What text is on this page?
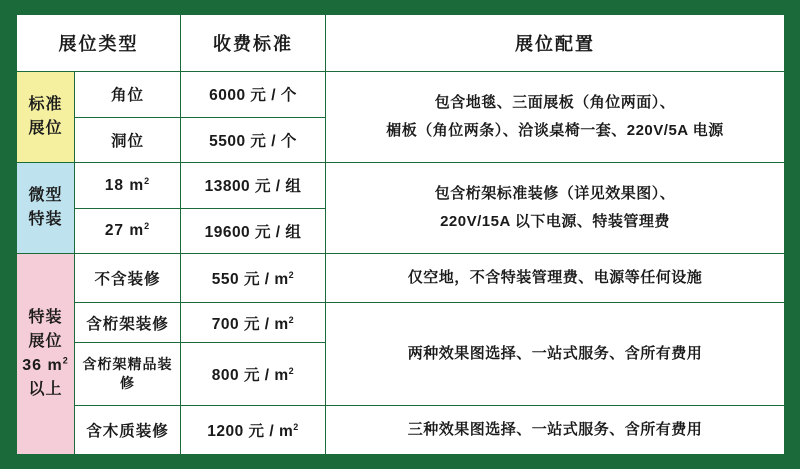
展位类型		收费标准	展位配置
标准
展位	角位	6000 元 / 个	包含地毯、三面展板（角位两面）、
楣板（角位两条）、洽谈桌椅一套、220V/5A 电源

	洞位	5500 元 / 个	
微型
特装	18 $m^2$	13800 元 / 组	包含桁架标准装修（详见效果图）、
220V/15A 以下电源、特装管理费

	27 $m^2$	19600 元 / 组	
特装
展位
36 $m^2$
以上	不含装修	550 元 / $m^2$	仅空地，不含特装管理费、电源等任何设施

	含桁架装修	700 元 / $m^2$	两种效果图选择、一站式服务、含所有费用

	含桁架精品装修	800 元 / $m^2$
	含木质装修	1200 元 / $m^2$	三种效果图选择、一站式服务、含所有费用
